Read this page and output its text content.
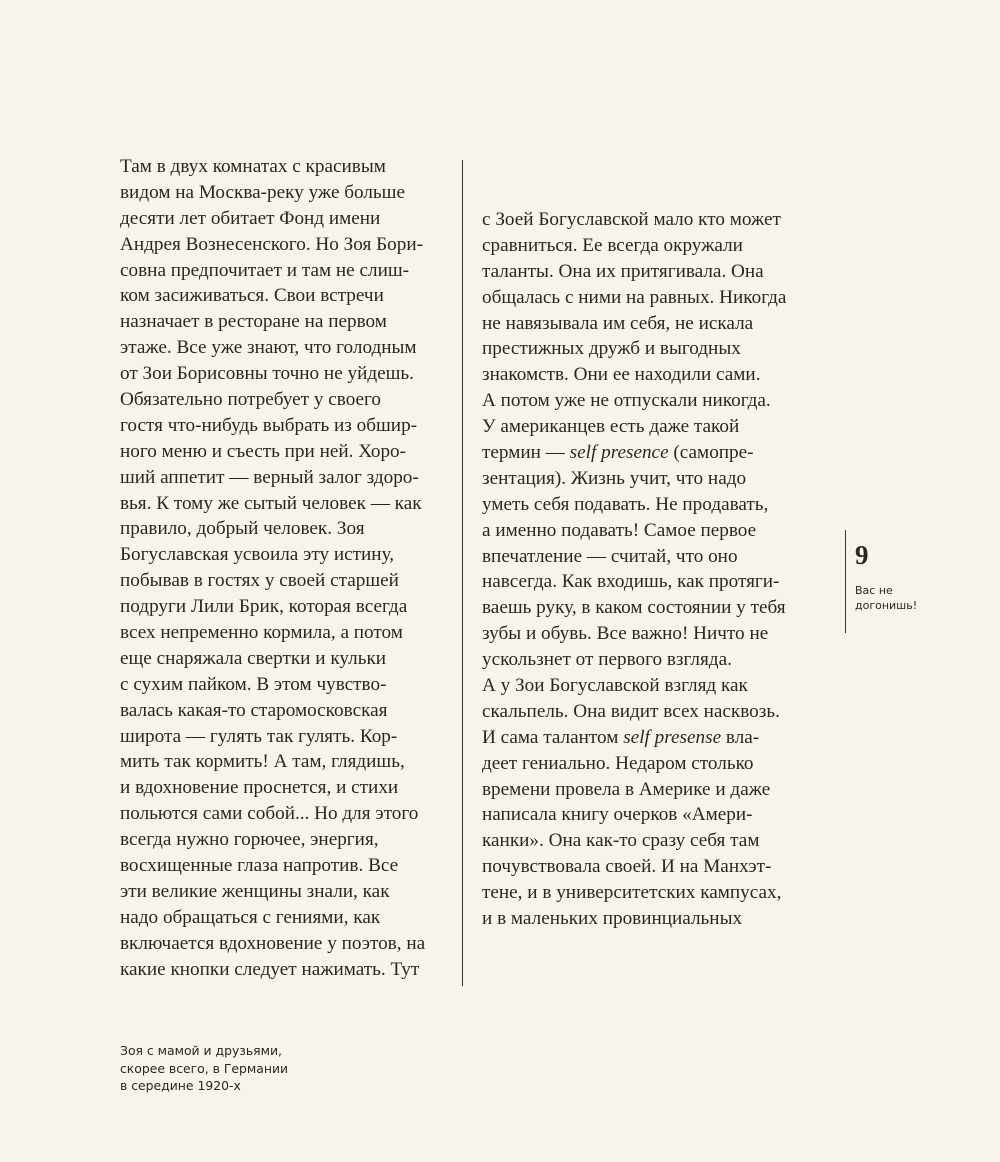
Там в двух комнатах с красивым
видом на Москва-реку уже больше
десяти лет обитает Фонд имени
Андрея Вознесенского. Но Зоя Бори-
совна предпочитает и там не слиш-
ком засиживаться. Свои встречи
назначает в ресторане на первом
этаже. Все уже знают, что голодным
от Зои Борисовны точно не уйдешь.
Обязательно потребует у своего
гостя что-нибудь выбрать из обшир-
ного меню и съесть при ней. Хоро-
ший аппетит — верный залог здоро-
вья. К тому же сытый человек — как
правило, добрый человек. Зоя
Богуславская усвоила эту истину,
побывав в гостях у своей старшей
подруги Лили Брик, которая всегда
всех непременно кормила, а потом
еще снаряжала свертки и кульки
с сухим пайком. В этом чувство-
валась какая-то старомосковская
широта — гулять так гулять. Кор-
мить так кормить! А там, глядишь,
и вдохновение проснется, и стихи
польются сами собой... Но для этого
всегда нужно горючее, энергия,
восхищенные глаза напротив. Все
эти великие женщины знали, как
надо обращаться с гениями, как
включается вдохновение у поэтов, на
какие кнопки следует нажимать. Тут
с Зоей Богуславской мало кто может
сравниться. Ее всегда окружали
таланты. Она их притягивала. Она
общалась с ними на равных. Никогда
не навязывала им себя, не искала
престижных дружб и выгодных
знакомств. Они ее находили сами.
А потом уже не отпускали никогда.
У американцев есть даже такой
термин — self presence (самопре-
зентация). Жизнь учит, что надо
уметь себя подавать. Не продавать,
а именно подавать! Самое первое
впечатление — считай, что оно
навсегда. Как входишь, как протяги-
ваешь руку, в каком состоянии у тебя
зубы и обувь. Все важно! Ничто не
ускользнет от первого взгляда.
А у Зои Богуславской взгляд как
скальпель. Она видит всех насквозь.
И сама талантом self presense вла-
деет гениально. Недаром столько
времени провела в Америке и даже
написала книгу очерков «Амери-
канки». Она как-то сразу себя там
почувствовала своей. И на Манхэт-
тене, и в университетских кампусах,
и в маленьких провинциальных
9
Вас не
догонишь!
Зоя с мамой и друзьями,
скорее всего, в Германии
в середине 1920-х
